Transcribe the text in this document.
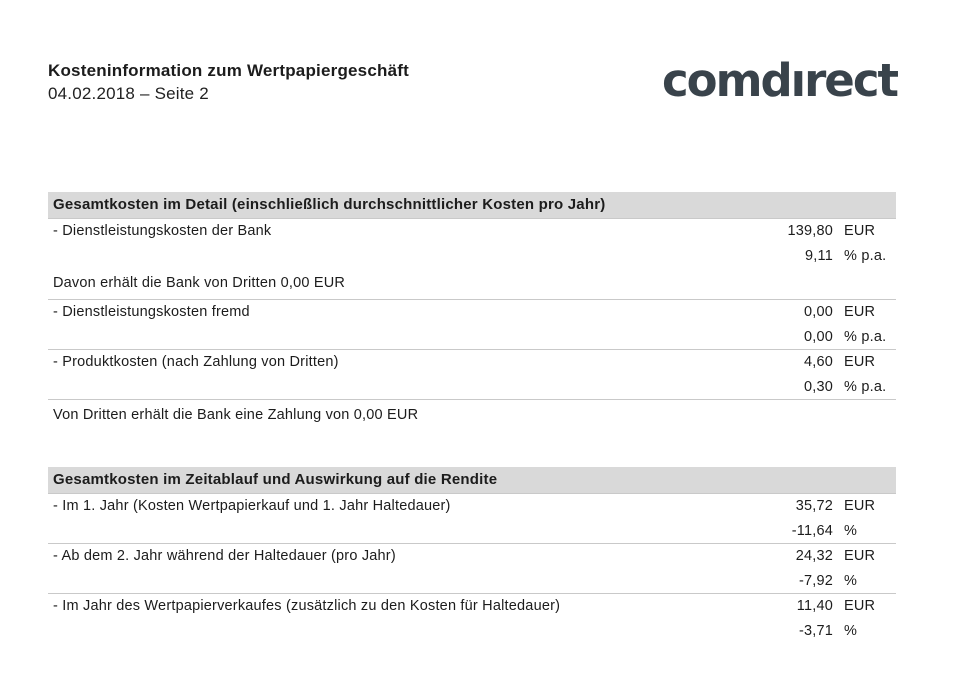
Kosteninformation zum Wertpapiergeschäft
04.02.2018 – Seite 2	comdırect
Gesamtkosten im Detail (einschließlich durchschnittlicher Kosten pro Jahr)
- Dienstleistungskosten der Bank	139,80 EUR
9,11 % p.a.
Davon erhält die Bank von Dritten 0,00 EUR
- Dienstleistungskosten fremd	0,00 EUR
0,00 % p.a.
- Produktkosten (nach Zahlung von Dritten)	4,60 EUR
0,30 % p.a.
Von Dritten erhält die Bank eine Zahlung von 0,00 EUR
Gesamtkosten im Zeitablauf und Auswirkung auf die Rendite
- Im 1. Jahr (Kosten Wertpapierkauf und 1. Jahr Haltedauer)	35,72 EUR
-11,64 %
- Ab dem 2. Jahr während der Haltedauer (pro Jahr)	24,32 EUR
-7,92 %
- Im Jahr des Wertpapierverkaufes (zusätzlich zu den Kosten für Haltedauer)	11,40 EUR
-3,71 %
